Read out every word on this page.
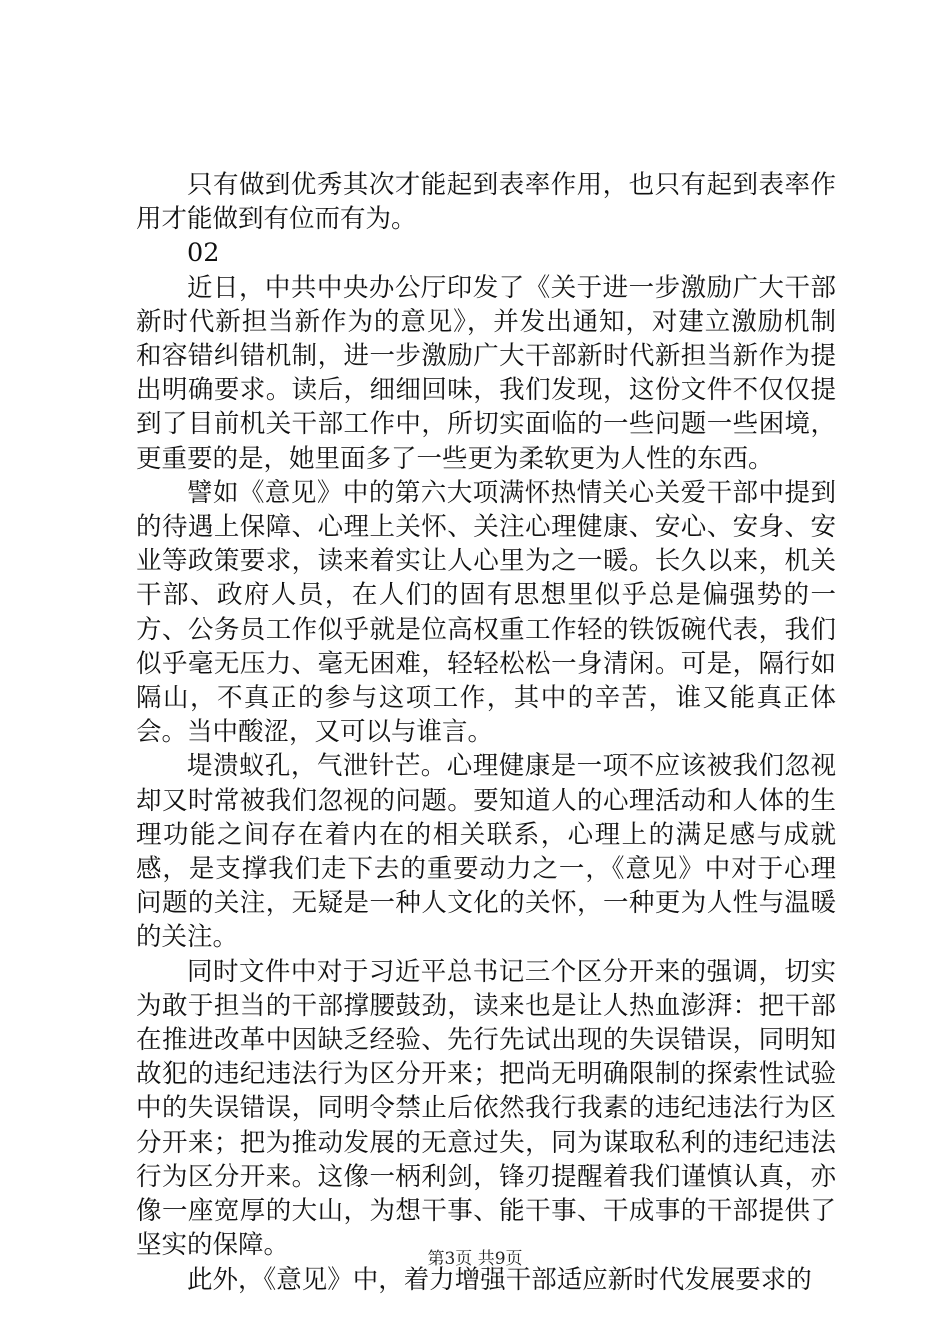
只有做到优秀其次才能起到表率作用，也只有起到表率作用才能做到有位而有为。

02

近日，中共中央办公厅印发了《关于进一步激励广大干部新时代新担当新作为的意见》，并发出通知，对建立激励机制和容错纠错机制，进一步激励广大干部新时代新担当新作为提出明确要求。读后，细细回味，我们发现，这份文件不仅仅提到了目前机关干部工作中，所切实面临的一些问题一些困境，更重要的是，她里面多了一些更为柔软更为人性的东西。

譬如《意见》中的第六大项满怀热情关心关爱干部中提到的待遇上保障、心理上关怀、关注心理健康、安心、安身、安业等政策要求，读来着实让人心里为之一暖。长久以来，机关干部、政府人员，在人们的固有思想里似乎总是偏强势的一方、公务员工作似乎就是位高权重工作轻的铁饭碗代表，我们似乎毫无压力、毫无困难，轻轻松松一身清闲。可是，隔行如隔山，不真正的参与这项工作，其中的辛苦，谁又能真正体会。当中酸涩，又可以与谁言。

堤溃蚁孔，气泄针芒。心理健康是一项不应该被我们忽视却又时常被我们忽视的问题。要知道人的心理活动和人体的生理功能之间存在着内在的相关联系，心理上的满足感与成就感，是支撑我们走下去的重要动力之一，《意见》中对于心理问题的关注，无疑是一种人文化的关怀，一种更为人性与温暖的关注。

同时文件中对于习近平总书记三个区分开来的强调，切实为敢于担当的干部撑腰鼓劲，读来也是让人热血澎湃：把干部在推进改革中因缺乏经验、先行先试出现的失误错误，同明知故犯的违纪违法行为区分开来；把尚无明确限制的探索性试验中的失误错误，同明令禁止后依然我行我素的违纪违法行为区分开来；把为推动发展的无意过失，同为谋取私利的违纪违法行为区分开来。这像一柄利剑，锋刃提醒着我们谨慎认真，亦像一座宽厚的大山，为想干事、能干事、干成事的干部提供了坚实的保障。

此外，《意见》中，着力增强干部适应新时代发展要求的

第3页 共9页
